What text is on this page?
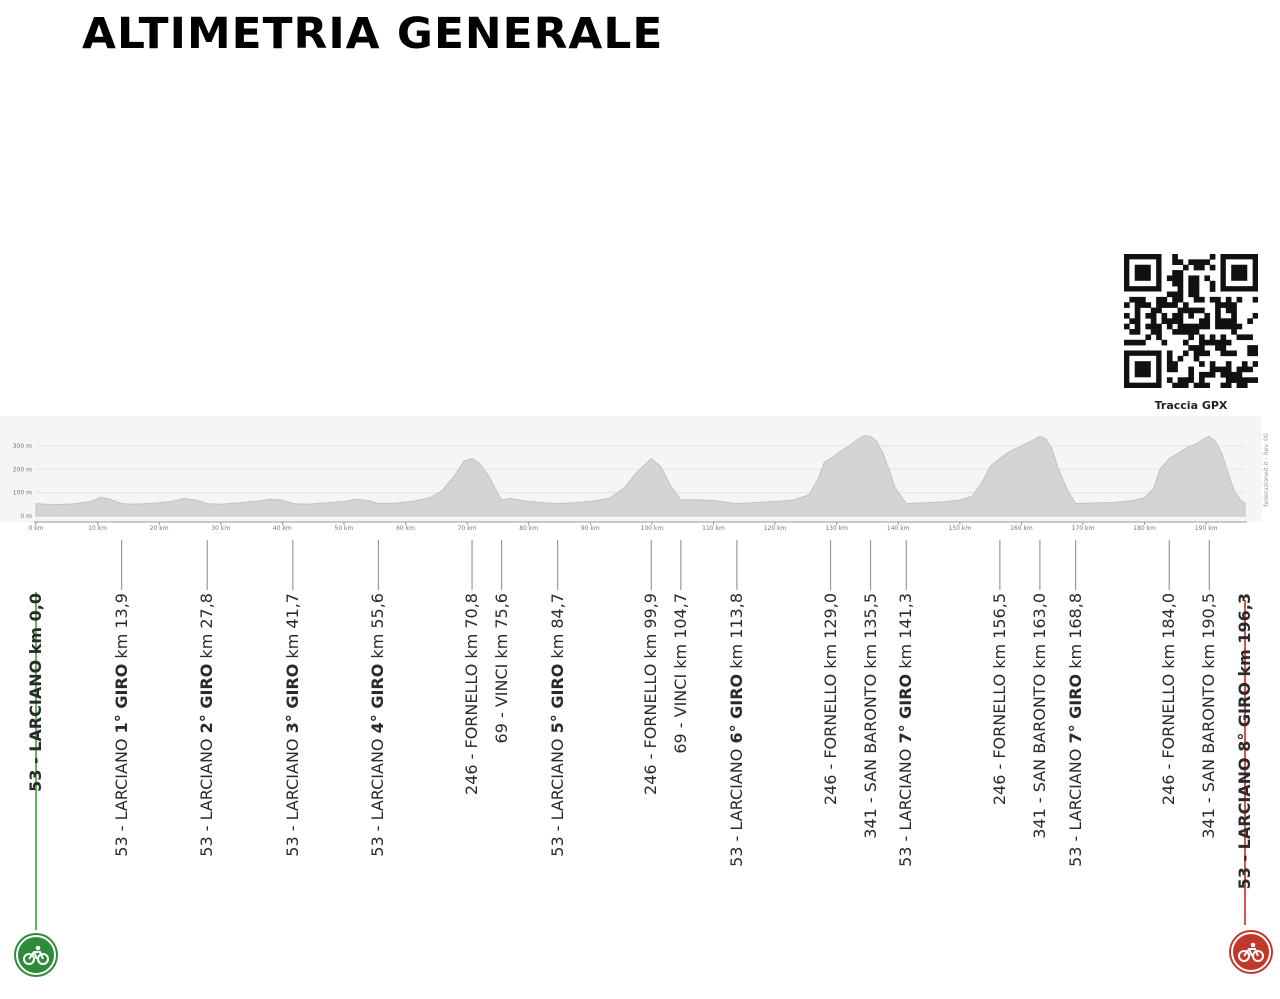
ALTIMETRIA GENERALE
0 m
100 m
200 m
300 m
0 km	10 km	20 km	30 km	40 km	50 km	60 km	70 km	80 km	90 km	100 km	110 km	120 km	130 km	140 km	150 km	160 km	170 km	180 km	190 km
federazioneit.it - Rev. 00
Traccia GPX
53 - LARCIANO km 0,0
53 - LARCIANO 1° GIRO km 13,9
53 - LARCIANO 2° GIRO km 27,8
53 - LARCIANO 3° GIRO km 41,7
53 - LARCIANO 4° GIRO km 55,6	246 - FORNELLO km 70,8 69 - VINCI km 75,6
53 - LARCIANO 5° GIRO km 84,7	246 - FORNELLO km 99,9 69 - VINCI km 104,7
53 - LARCIANO 6° GIRO km 113,8	246 - FORNELLO km 129,0 341 - SAN BARONTO km 135,5 53 - LARCIANO 7° GIRO km 141,3	246 - FORNELLO km 156,5 341 - SAN BARONTO km 163,0 53 - LARCIANO 7° GIRO km 168,8	246 - FORNELLO km 184,0 341 - SAN BARONTO km 190,5 53 - LARCIANO 8° GIRO km 196,3
